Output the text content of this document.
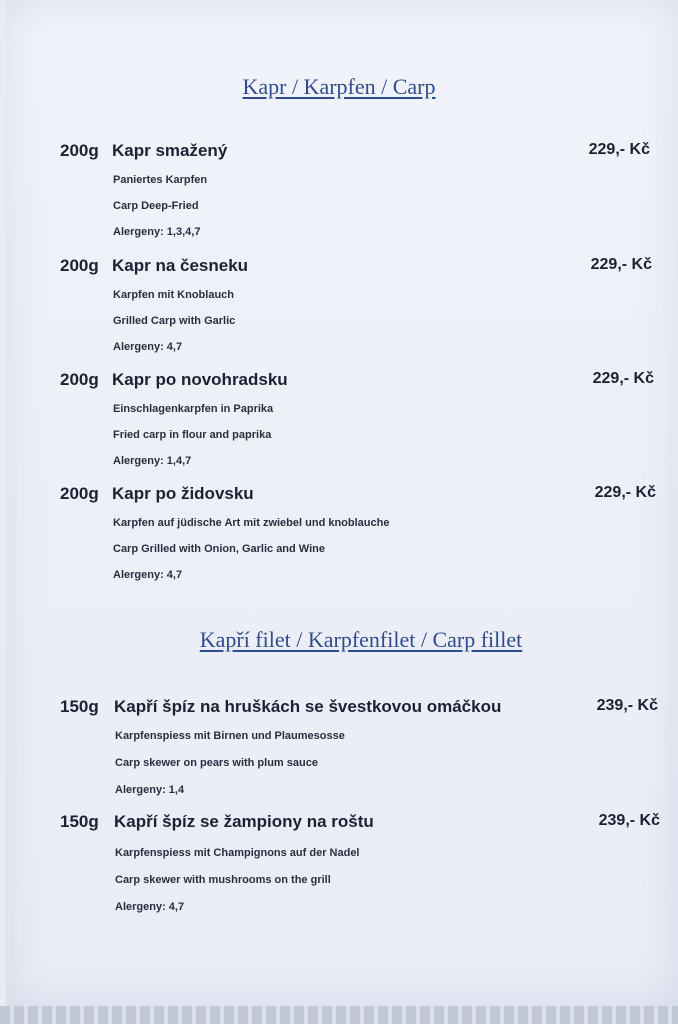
Kapr / Karpfen / Carp
200g Kapr smažený	229,- Kč
Paniertes Karpfen
Carp Deep-Fried
Alergeny: 1,3,4,7
200g Kapr na česneku	229,- Kč
Karpfen mit Knoblauch
Grilled Carp with Garlic
Alergeny: 4,7
200g Kapr po novohradsku	229,- Kč
Einschlagenkarpfen in Paprika
Fried carp in flour and paprika
Alergeny: 1,4,7
200g Kapr po židovsku	229,- Kč
Karpfen auf jüdische Art mit zwiebel und knoblauche
Carp Grilled with Onion, Garlic and Wine
Alergeny: 4,7
Kapří filet / Karpfenfilet / Carp fillet
150g Kapří špíz na hruškách se švestkovou omáčkou	239,- Kč
Karpfenspiess mit Birnen und Plaumesosse
Carp skewer on pears with plum sauce
Alergeny: 1,4
150g Kapří špíz se žampiony na roštu	239,- Kč
Karpfenspiess mit Champignons auf der Nadel
Carp skewer with mushrooms on the grill
Alergeny: 4,7
